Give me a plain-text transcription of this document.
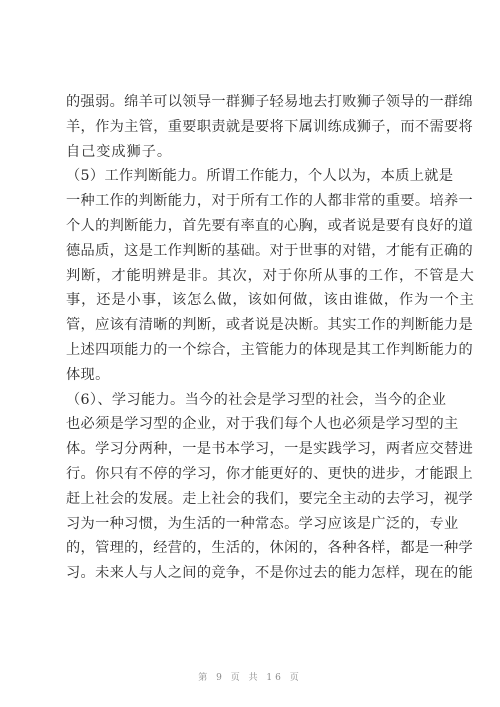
的强弱。绵羊可以领导一群狮子轻易地去打败狮子领导的一群绵
羊，作为主管，重要职责就是要将下属训练成狮子，而不需要将
自己变成狮子。
（5）工作判断能力。所谓工作能力，个人以为，本质上就是
一种工作的判断能力，对于所有工作的人都非常的重要。培养一
个人的判断能力，首先要有率直的心胸，或者说是要有良好的道
德品质，这是工作判断的基础。对于世事的对错，才能有正确的
判断，才能明辨是非。其次，对于你所从事的工作，不管是大
事，还是小事，该怎么做，该如何做，该由谁做，作为一个主
管，应该有清晰的判断，或者说是决断。其实工作的判断能力是
上述四项能力的一个综合，主管能力的体现是其工作判断能力的
体现。
（6）、学习能力。当今的社会是学习型的社会，当今的企业
也必须是学习型的企业，对于我们每个人也必须是学习型的主
体。学习分两种，一是书本学习，一是实践学习，两者应交替进
行。你只有不停的学习，你才能更好的、更快的进步，才能跟上
赶上社会的发展。走上社会的我们，要完全主动的去学习，视学
习为一种习惯，为生活的一种常态。学习应该是广泛的，专业
的，管理的，经营的，生活的，休闲的，各种各样，都是一种学
习。未来人与人之间的竞争，不是你过去的能力怎样，现在的能
第 9 页 共 16 页
